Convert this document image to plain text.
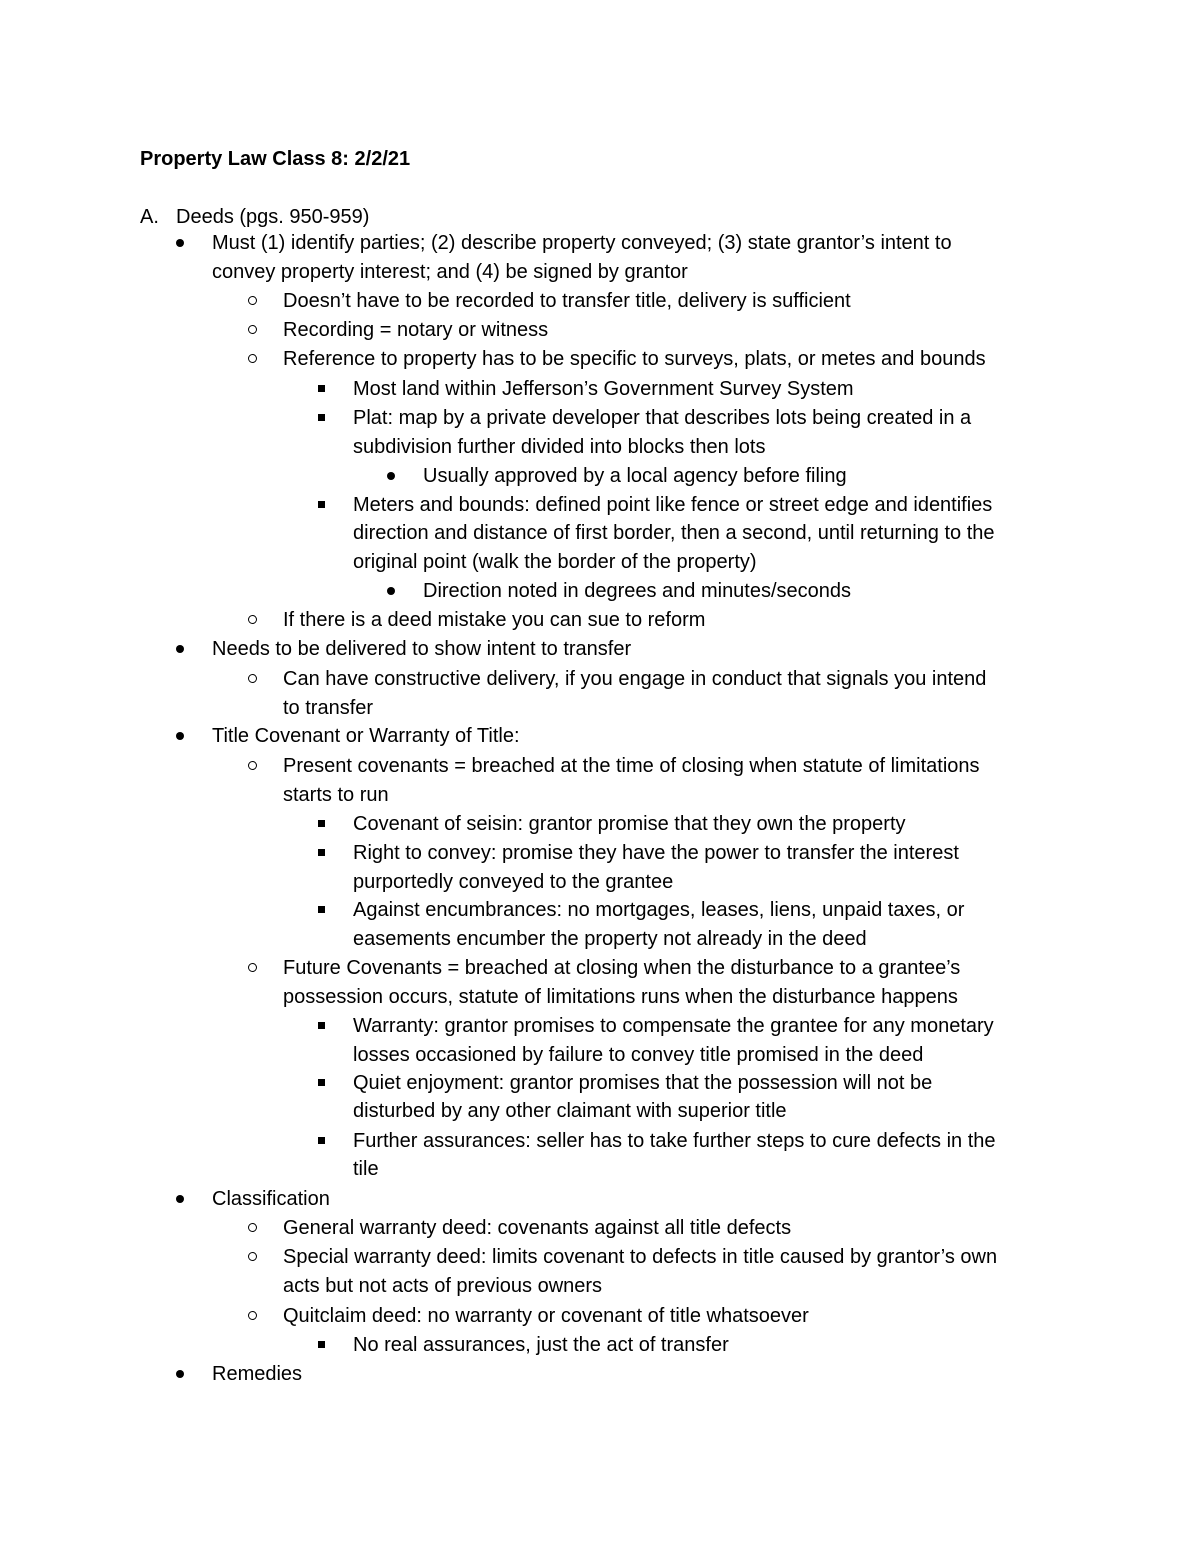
Property Law Class 8: 2/2/21
A. Deeds (pgs. 950-959)
Must (1) identify parties; (2) describe property conveyed; (3) state grantor’s intent to
convey property interest; and (4) be signed by grantor
Doesn’t have to be recorded to transfer title, delivery is sufficient
Recording = notary or witness
Reference to property has to be specific to surveys, plats, or metes and bounds
Most land within Jefferson’s Government Survey System
Plat: map by a private developer that describes lots being created in a
subdivision further divided into blocks then lots
Usually approved by a local agency before filing
Meters and bounds: defined point like fence or street edge and identifies
direction and distance of first border, then a second, until returning to the
original point (walk the border of the property)
Direction noted in degrees and minutes/seconds
If there is a deed mistake you can sue to reform
Needs to be delivered to show intent to transfer
Can have constructive delivery, if you engage in conduct that signals you intend
to transfer
Title Covenant or Warranty of Title:
Present covenants = breached at the time of closing when statute of limitations
starts to run
Covenant of seisin: grantor promise that they own the property
Right to convey: promise they have the power to transfer the interest
purportedly conveyed to the grantee
Against encumbrances: no mortgages, leases, liens, unpaid taxes, or
easements encumber the property not already in the deed
Future Covenants = breached at closing when the disturbance to a grantee’s
possession occurs, statute of limitations runs when the disturbance happens
Warranty: grantor promises to compensate the grantee for any monetary
losses occasioned by failure to convey title promised in the deed
Quiet enjoyment: grantor promises that the possession will not be
disturbed by any other claimant with superior title
Further assurances: seller has to take further steps to cure defects in the
tile
Classification
General warranty deed: covenants against all title defects
Special warranty deed: limits covenant to defects in title caused by grantor’s own
acts but not acts of previous owners
Quitclaim deed: no warranty or covenant of title whatsoever
No real assurances, just the act of transfer
Remedies
